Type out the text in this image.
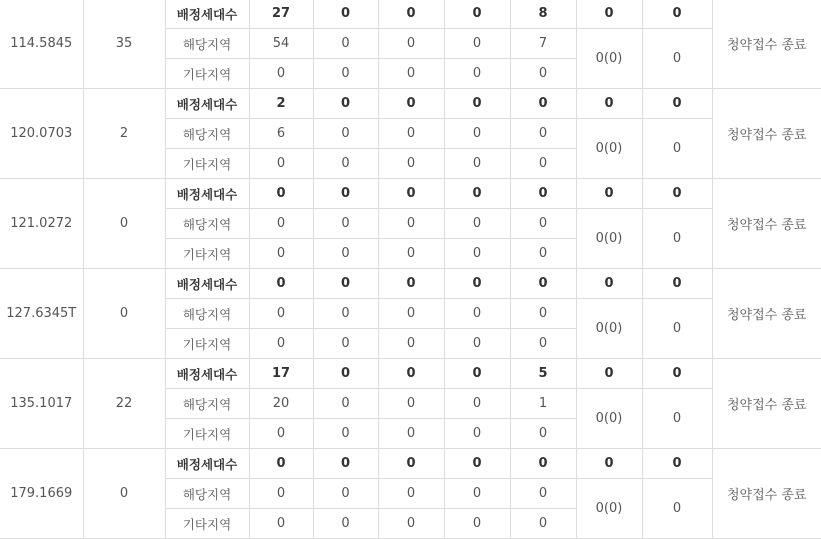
114.5845	35	배정세대수	27	0	0	0	8	0	0	청약접수 종료
		해당지역	54	0	0	0	7	0(0)	0	
		기타지역	0	0	0	0	0			
120.0703	2	배정세대수	2	0	0	0	0	0	0	청약접수 종료
		해당지역	6	0	0	0	0	0(0)	0	
		기타지역	0	0	0	0	0			
121.0272	0	배정세대수	0	0	0	0	0	0	0	청약접수 종료
		해당지역	0	0	0	0	0	0(0)	0	
		기타지역	0	0	0	0	0			
127.6345T	0	배정세대수	0	0	0	0	0	0	0	청약접수 종료
		해당지역	0	0	0	0	0	0(0)	0	
		기타지역	0	0	0	0	0			
135.1017	22	배정세대수	17	0	0	0	5	0	0	청약접수 종료
		해당지역	20	0	0	0	1	0(0)	0	
		기타지역	0	0	0	0	0			
179.1669	0	배정세대수	0	0	0	0	0	0	0	청약접수 종료
		해당지역	0	0	0	0	0	0(0)	0	
		기타지역	0	0	0	0	0			
